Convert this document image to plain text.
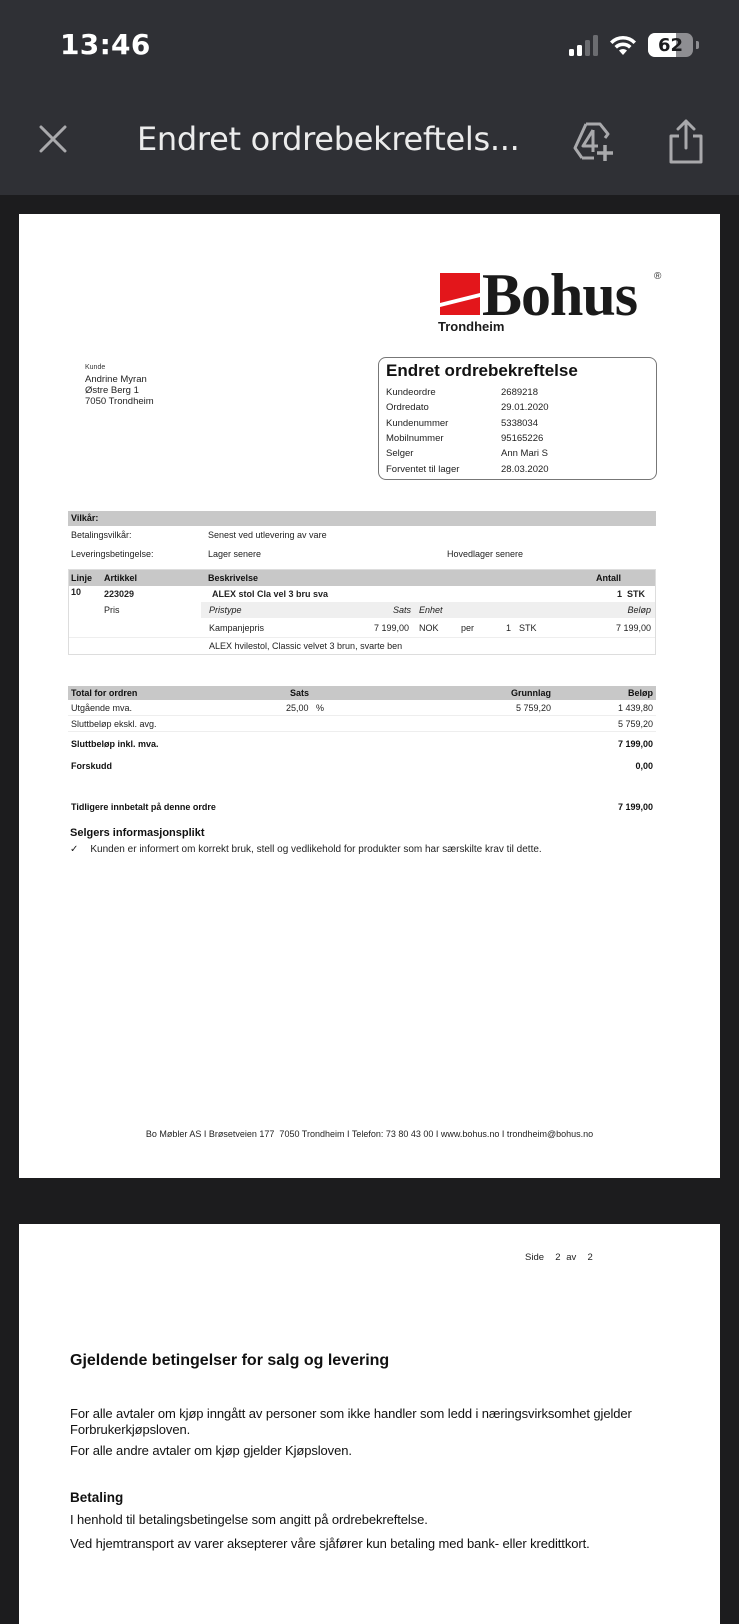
13:46	62
Endret ordrebekreftels...
Bohus ®
Trondheim
Kunde
Andrine Myran
Østre Berg 1
7050 Trondheim
Endret ordrebekreftelse
Kundeordre	2689218
Ordredato	29.01.2020
Kundenummer	5338034
Mobilnummer	95165226
Selger	Ann Mari S
Forventet til lager	28.03.2020
Vilkår:
Betalingsvilkår:	Senest ved utlevering av vare
Leveringsbetingelse:	Lager senere	Hovedlager senere
Linje Artikkel	Beskrivelse	Antall
10	223029	ALEX stol Cla vel 3 bru sva	1  STK
Pris	Pristype	Sats Enhet	Beløp
Kampanjepris	7 199,00 NOK per	1 STK	7 199,00
ALEX hvilestol, Classic velvet 3 brun, svarte ben
Total for ordren	Sats	Grunnlag	Beløp
Utgående mva.	25,00 %	5 759,20	1 439,80
Sluttbeløp ekskl. avg.	5 759,20
Sluttbeløp inkl. mva.	7 199,00
Forskudd	0,00
Tidligere innbetalt på denne ordre	7 199,00
Selgers informasjonsplikt
✓ Kunden er informert om korrekt bruk, stell og vedlikehold for produkter som har særskilte krav til dette.
Bo Møbler AS I Brøsetveien 177  7050 Trondheim I Telefon: 73 80 43 00 I www.bohus.no I trondheim@bohus.no
Side  2 av  2
Gjeldende betingelser for salg og levering
For alle avtaler om kjøp inngått av personer som ikke handler som ledd i næringsvirksomhet gjelder
Forbrukerkjøpsloven.
For alle andre avtaler om kjøp gjelder Kjøpsloven.
Betaling
I henhold til betalingsbetingelse som angitt på ordrebekreftelse.
Ved hjemtransport av varer aksepterer våre sjåfører kun betaling med bank- eller kredittkort.
